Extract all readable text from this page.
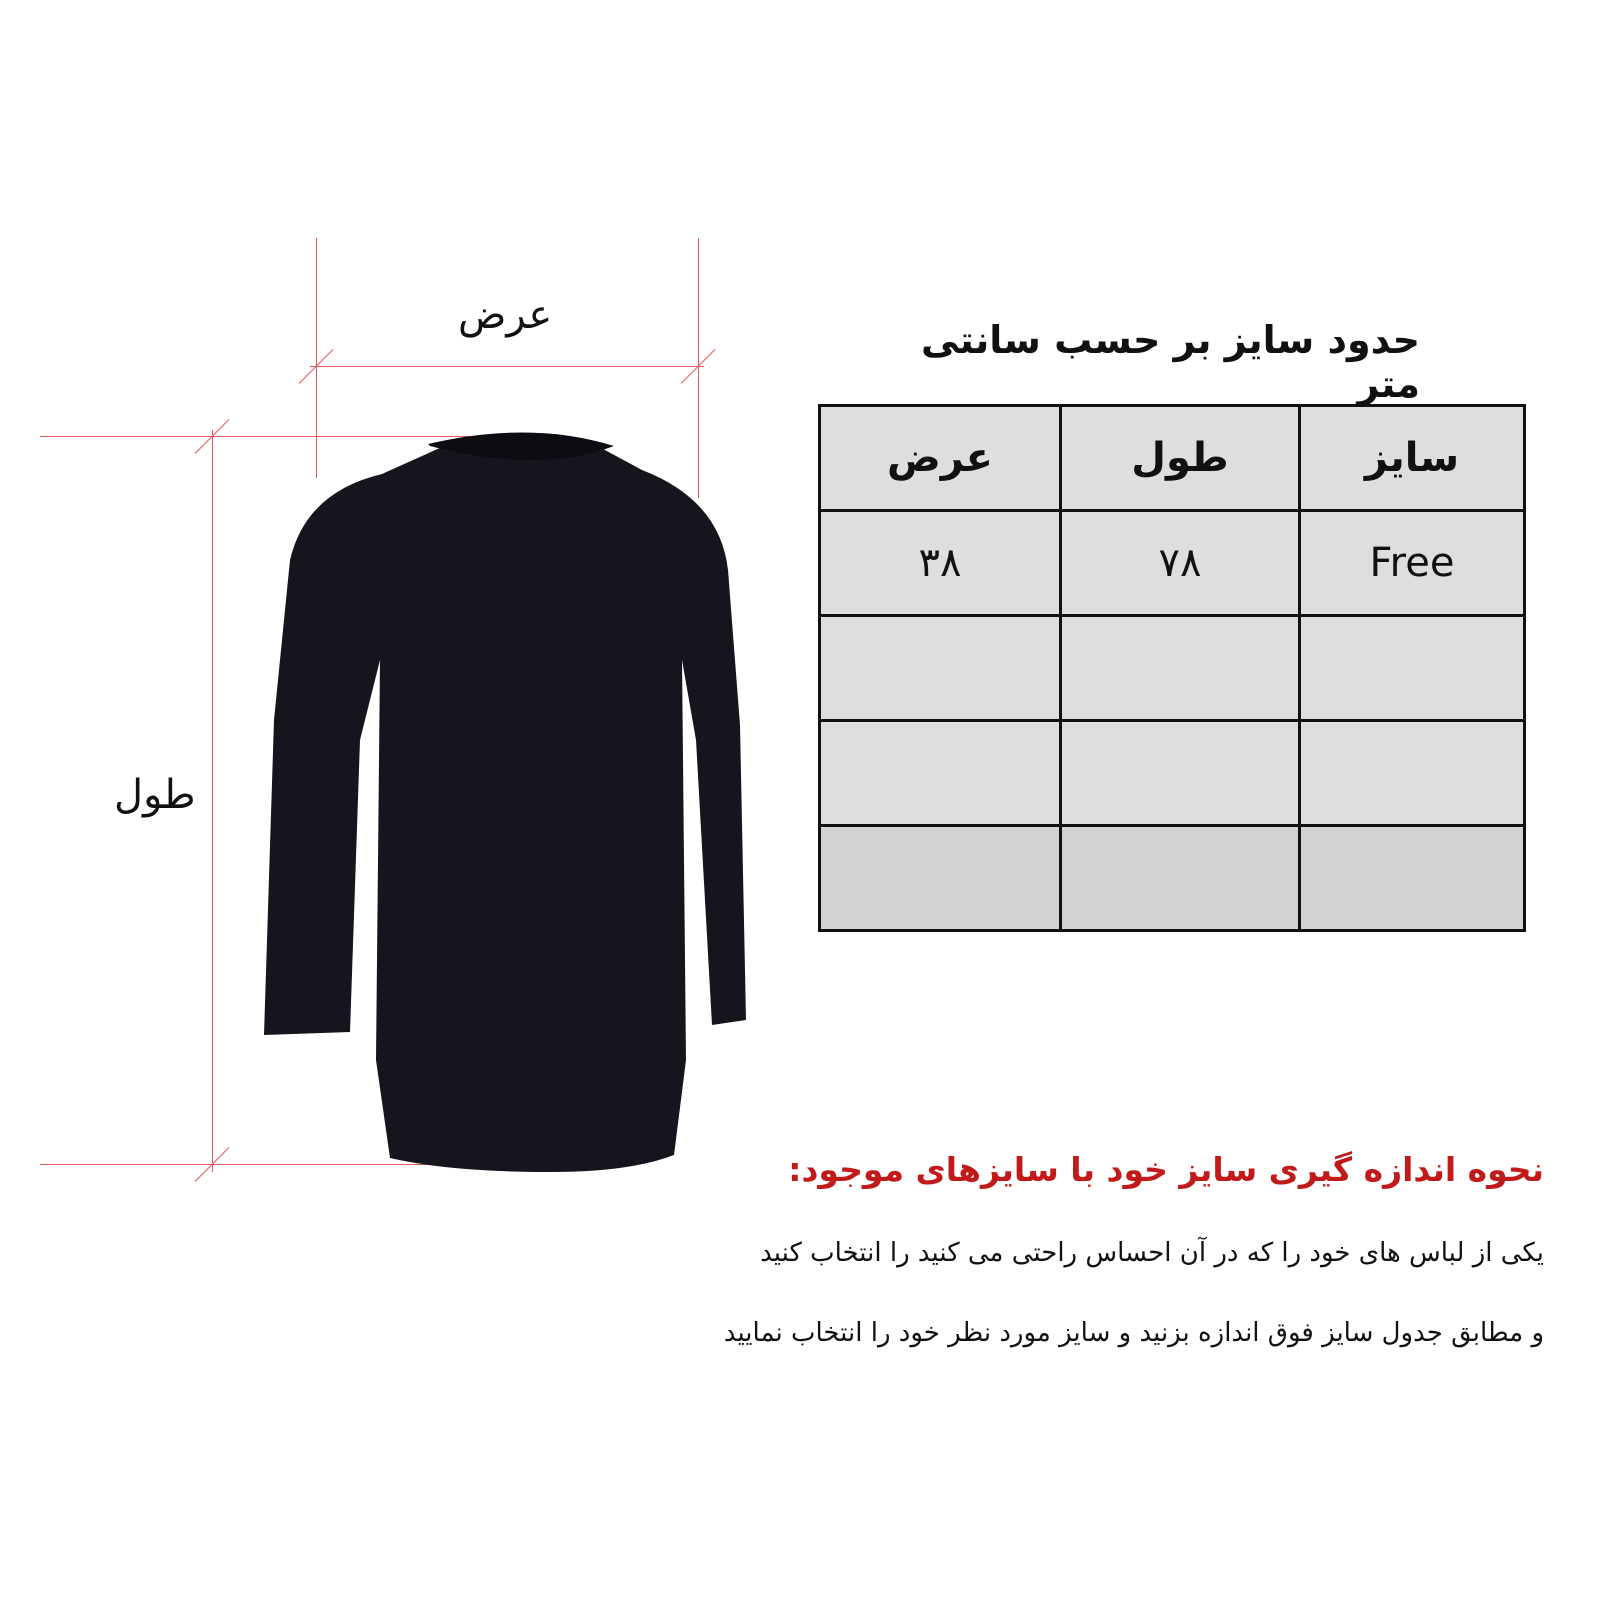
عرض
طول
حدود سایز بر حسب سانتی متر
عرض	طول	سایز
۳۸	۷۸	Free

نحوه اندازه گیری سایز خود با سایزهای موجود:
یکی از لباس های خود را که در آن احساس راحتی می کنید را انتخاب کنید
و مطابق جدول سایز فوق اندازه بزنید و سایز مورد نظر خود را انتخاب نمایید
